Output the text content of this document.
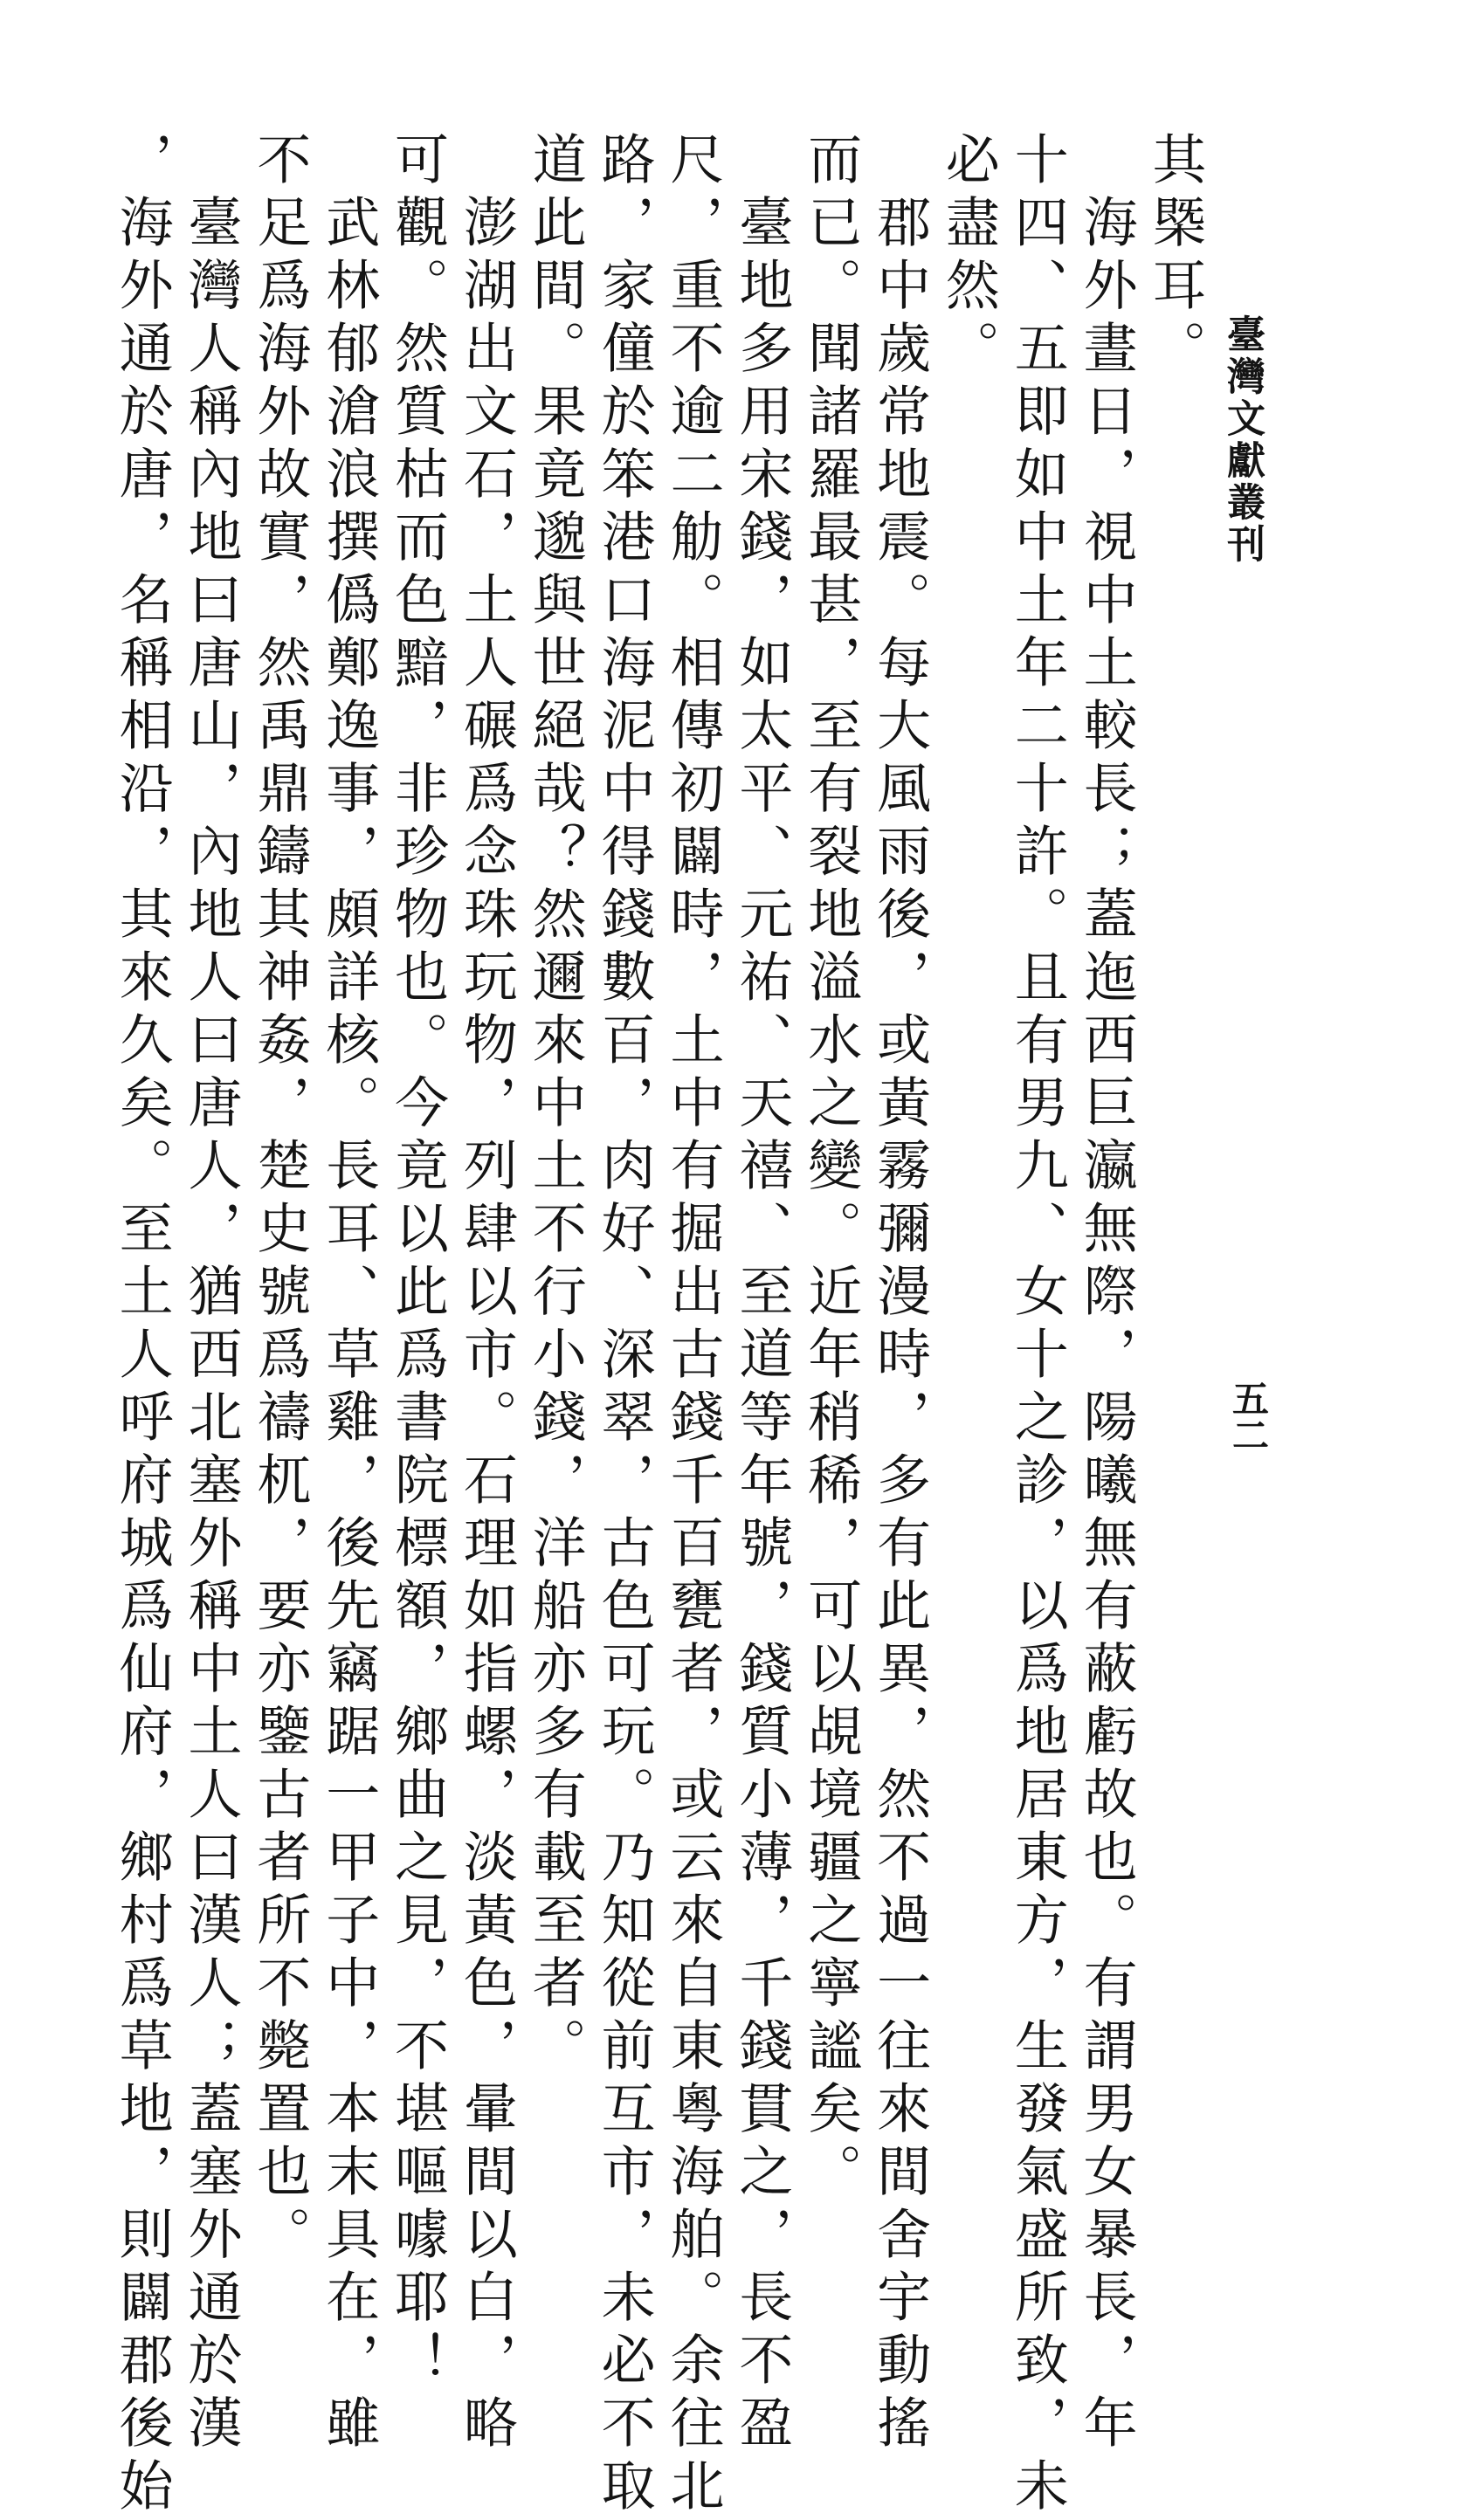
臺灣文獻叢刊
五二
其槩耳。
海外晝日，視中土較長；蓋迤西巨瀛無際，陽曦無有蔽虧故也。有謂男女暴長，年
十四、五即如中土年二十許。且有男九、女十之診，以爲地居東方，生發氣盛所致，未
必盡然。
郡中歲常地震。每大風雨後，或黃霧彌漫時，多有此異，然不過一往來間舍宇動搖
而已。聞諸羅最甚，至有裂地溢水之變。近年稍稀，可以覘境疆之寧謐矣。
臺地多用宋錢，如太平、元祐、天禧、至道等年號，錢質小薄，千錢貫之，長不盈
尺，重不逾二觔。相傳初闢時，土中有掘出古錢千百甕者，或云來自東粵海舶。余往北
路，家僮於笨港口海泥中得錢數百，肉好、深翠，古色可玩。乃知從前互市，未必不取
道此間。果竟邈與世絕哉？然邇來中土不行小錢，洋船亦多有載至者。
澎湖出文石，土人碾爲念珠玩物，列肆以市。石理如指螺，淡黃色，暈間以白，略
可觀。然質枯而色黯，非珍物也。今竟以此爲書院標額，鄉曲之見，不堪嘔噱耶！
武林郁滄浪撰僞鄭逸事，頗詳核。長耳、草雞，後先竊踞一甲子中，本末具在，雖
不足爲海外故實，然禹鼎鑄其神姦，楚史號爲禱杌，要亦鑒古者所不斃置也。
臺灣人稱內地曰唐山，內地人曰唐人，猶西北塞外稱中土人曰漢人；蓋塞外通於漢
，海外通於唐，名稱相沿，其來久矣。至土人呼府城爲仙府，鄉村爲草地，則闢郡後始
